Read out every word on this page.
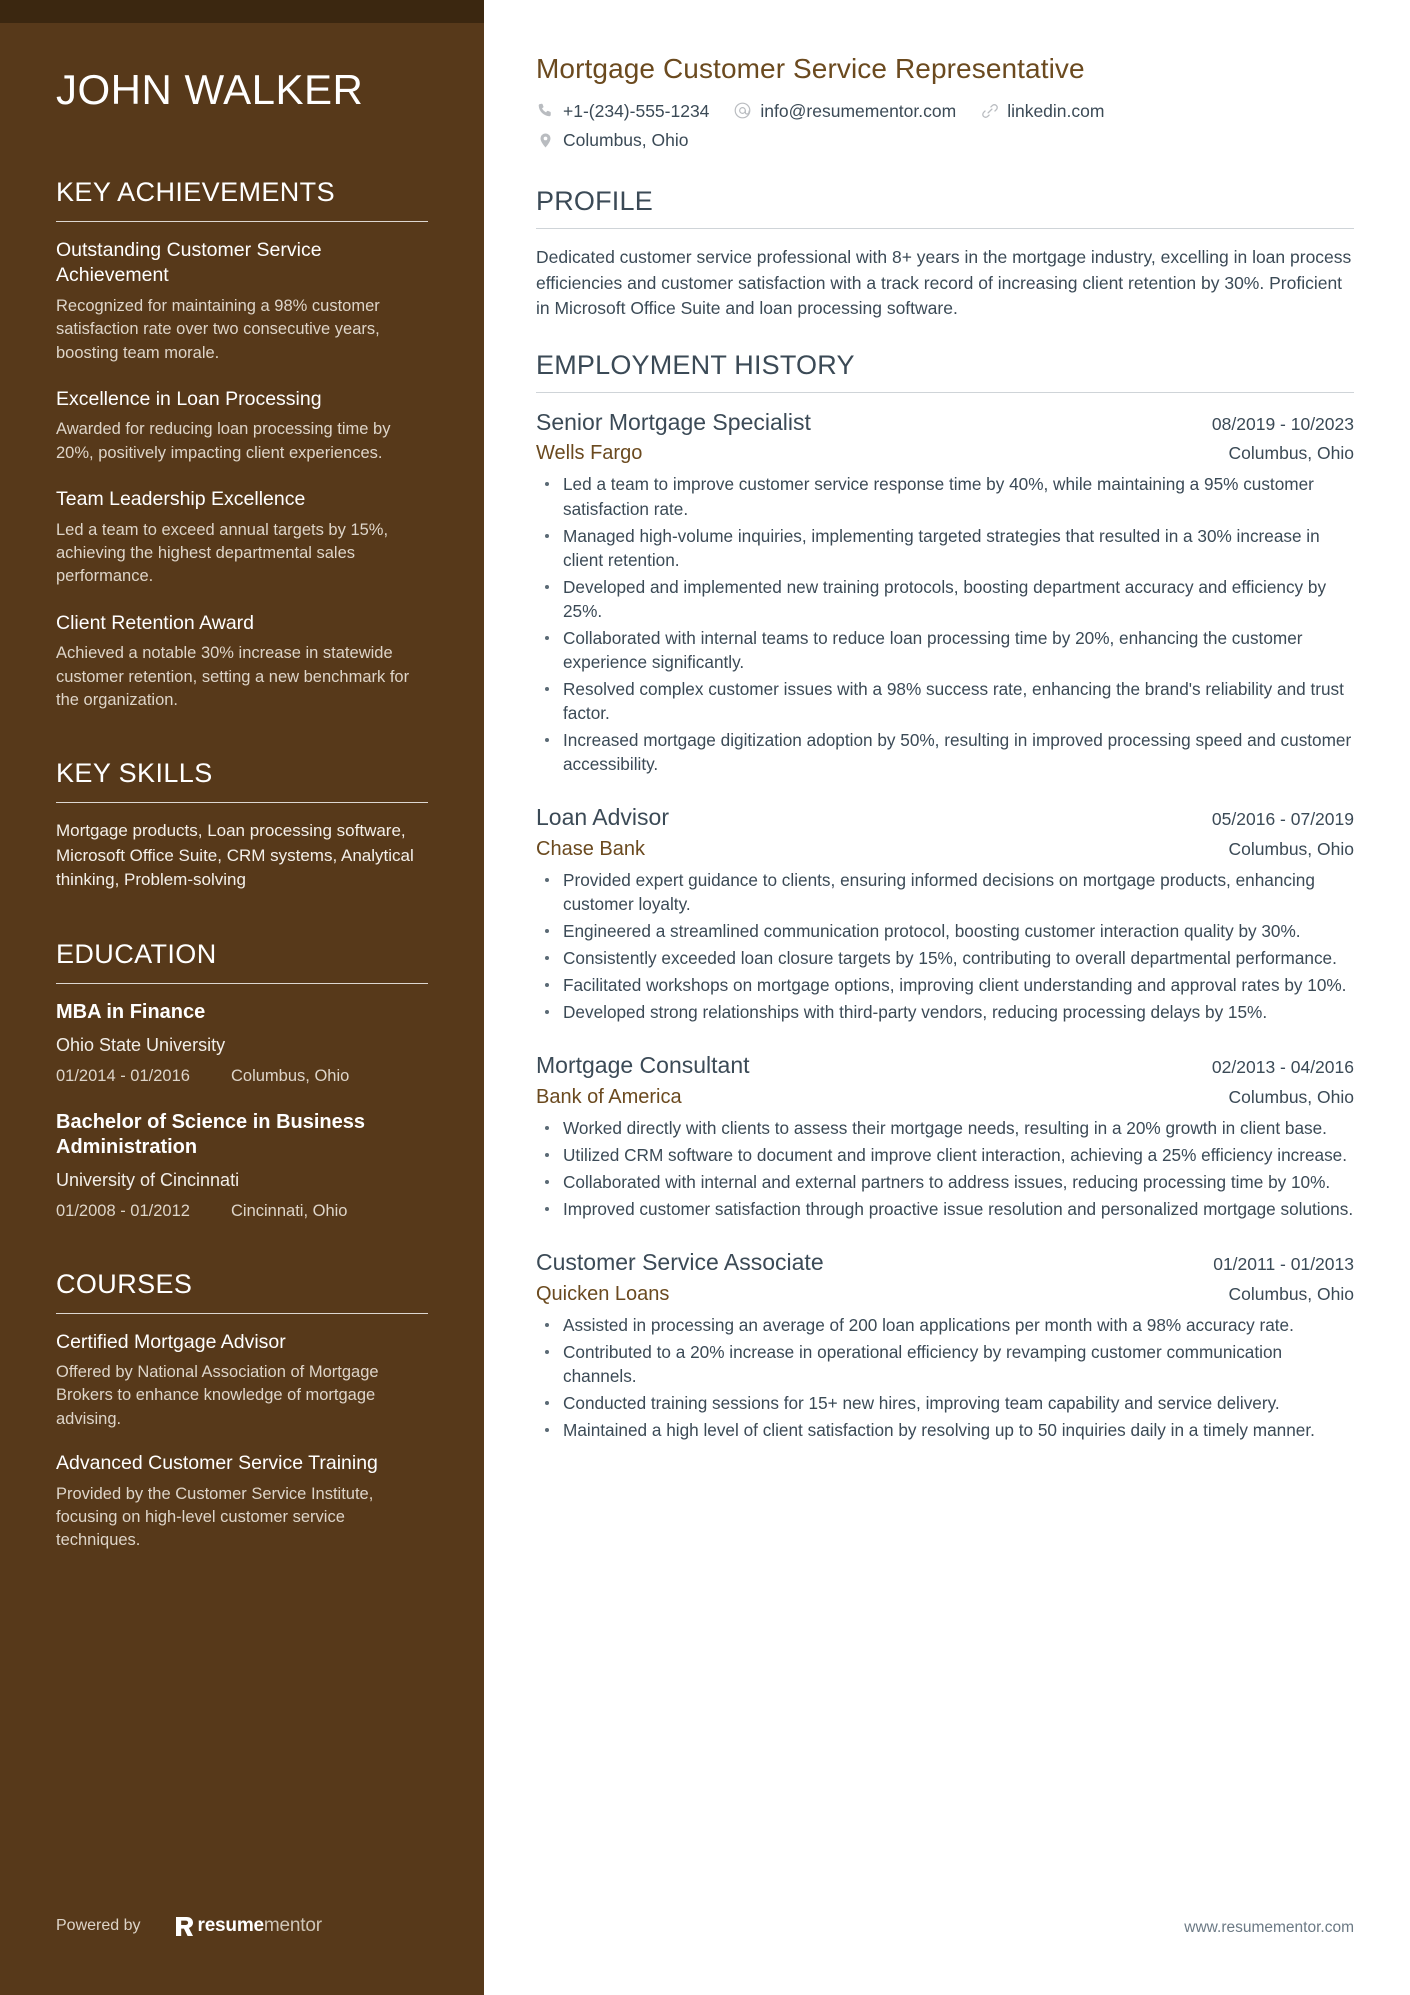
JOHN WALKER
KEY ACHIEVEMENTS
Outstanding Customer Service Achievement

Recognized for maintaining a 98% customer satisfaction rate over two consecutive years, boosting team morale.

Excellence in Loan Processing

Awarded for reducing loan processing time by 20%, positively impacting client experiences.

Team Leadership Excellence

Led a team to exceed annual targets by 15%, achieving the highest departmental sales performance.

Client Retention Award

Achieved a notable 30% increase in statewide customer retention, setting a new benchmark for the organization.

KEY SKILLS

Mortgage products, Loan processing software, Microsoft Office Suite, CRM systems, Analytical thinking, Problem-solving

EDUCATION
MBA in Finance
Ohio State University
01/2014 - 01/2016	Columbus, Ohio
Bachelor of Science in Business Administration
University of Cincinnati
01/2008 - 01/2012	Cincinnati, Ohio
COURSES
Certified Mortgage Advisor

Offered by National Association of Mortgage Brokers to enhance knowledge of mortgage advising.

Advanced Customer Service Training

Provided by the Customer Service Institute, focusing on high-level customer service techniques.

Powered by	resume mentor
Mortgage Customer Service Representative
+1-(234)-555-1234	info@resumementor.com	linkedin.com
Columbus, Ohio
PROFILE

Dedicated customer service professional with 8+ years in the mortgage industry, excelling in loan process efficiencies and customer satisfaction with a track record of increasing client retention by 30%. Proficient in Microsoft Office Suite and loan processing software.

EMPLOYMENT HISTORY
Senior Mortgage Specialist	08/2019 - 10/2023
Wells Fargo	Columbus, Ohio
Led a team to improve customer service response time by 40%, while maintaining a 95% customer satisfaction rate.
Managed high-volume inquiries, implementing targeted strategies that resulted in a 30% increase in client retention.
Developed and implemented new training protocols, boosting department accuracy and efficiency by 25%.
Collaborated with internal teams to reduce loan processing time by 20%, enhancing the customer experience significantly.
Resolved complex customer issues with a 98% success rate, enhancing the brand's reliability and trust factor.
Increased mortgage digitization adoption by 50%, resulting in improved processing speed and customer accessibility.
Loan Advisor	05/2016 - 07/2019
Chase Bank	Columbus, Ohio
Provided expert guidance to clients, ensuring informed decisions on mortgage products, enhancing customer loyalty.
Engineered a streamlined communication protocol, boosting customer interaction quality by 30%.
Consistently exceeded loan closure targets by 15%, contributing to overall departmental performance.
Facilitated workshops on mortgage options, improving client understanding and approval rates by 10%.
Developed strong relationships with third-party vendors, reducing processing delays by 15%.
Mortgage Consultant	02/2013 - 04/2016
Bank of America	Columbus, Ohio
Worked directly with clients to assess their mortgage needs, resulting in a 20% growth in client base.
Utilized CRM software to document and improve client interaction, achieving a 25% efficiency increase.
Collaborated with internal and external partners to address issues, reducing processing time by 10%.
Improved customer satisfaction through proactive issue resolution and personalized mortgage solutions.
Customer Service Associate	01/2011 - 01/2013
Quicken Loans	Columbus, Ohio
Assisted in processing an average of 200 loan applications per month with a 98% accuracy rate.
Contributed to a 20% increase in operational efficiency by revamping customer communication channels.
Conducted training sessions for 15+ new hires, improving team capability and service delivery.
Maintained a high level of client satisfaction by resolving up to 50 inquiries daily in a timely manner.
www.resumementor.com
